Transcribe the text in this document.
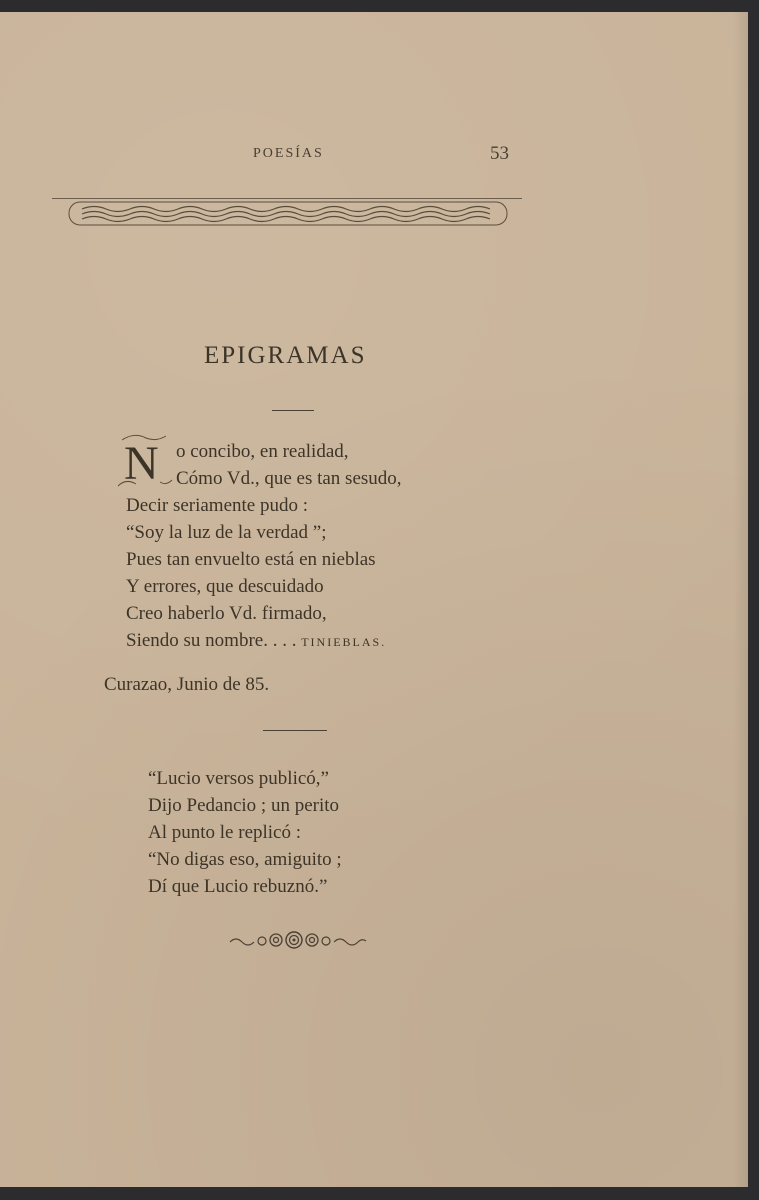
POESÍAS	53
EPIGRAMAS
N o concibo, en realidad,
Cómo Vd., que es tan sesudo,
Decir seriamente pudo :
“Soy la luz de la verdad ”;
Pues tan envuelto está en nieblas
Y errores, que descuidado
Creo haberlo Vd. firmado,
Siendo su nombre. . . . TINIEBLAS.
Curazao, Junio de 85.
“Lucio versos publicó,”
Dijo Pedancio ; un perito
Al punto le replicó :
“No digas eso, amiguito ;
Dí que Lucio rebuznó.”
